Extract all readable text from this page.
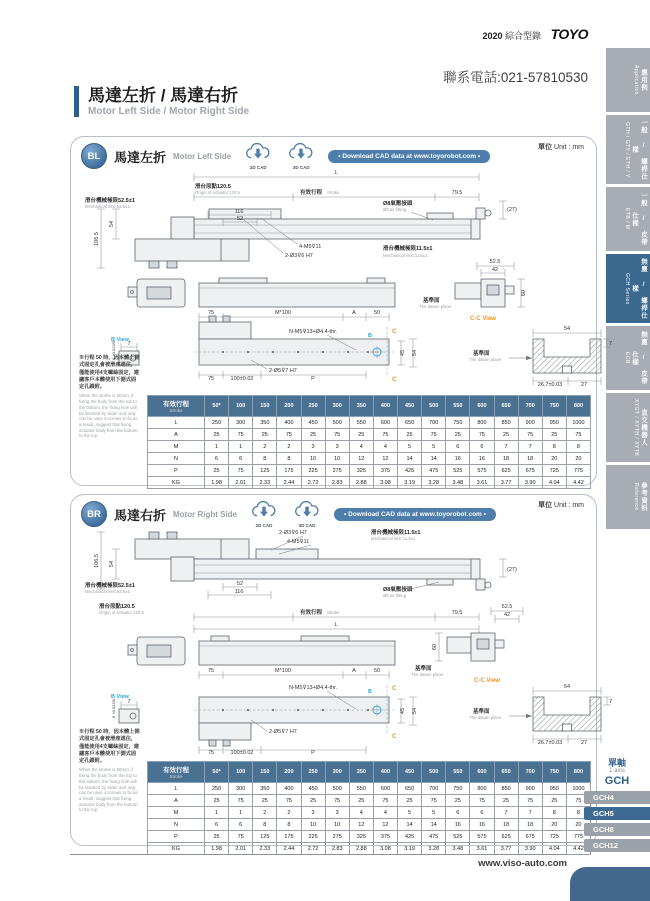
2020 綜合型錄 TOYO
聯系電話:021-57810530
馬達左折 / 馬達右折
Motor Left Side / Motor Right Side
應用例
Application
一般 / 螺桿仕樣
GTH / GTY / ETH / Y
一般 / 皮帶仕樣
ETB / M
無塵 / 螺桿仕樣
GCH Series
無塵 / 皮帶仕樣
ECB
直交機器人
XYGT / XYTH / XYTB
參考資料
Reference
單位 Unit : mm
BL	馬達左折 Motor Left Side
2D CAD	3D CAD
• Download CAD data at www.toyorobot.com •
L
滑台原點120.5
Origin of actuator:120.5	有效行程 Stroke	79.5
滑台機械極限52.5±1
Mechanical limit:52.5±1
116
52
Ø8氣壓接頭
Ø8 air fitting	(27)
4-M5⊽11
2-Ø3⊽6 H7
滑台機械極限11.5±1
Mechanical limit:11.5±1
106.5
54
52.5
42
60
基準面
The datum plane
C-C View
75	M*100	A	50
N-M5⊽13+Ø4.4-thr.
B
C
C
45 54
75	100±0.02	P
2-Ø5⊽7 H7
B View
7
6 +0.012/0
54
7
基準面
The datum plane
26.7±0.03	27
※行程 50 時，因本體上側式固定孔會被滑座遮住，僅能使用4支螺絲固定，建議客戶本體使用下側式固定孔鎖附。
When the stroke is 50mm, if fixing the body from the top to the bottom, the fixing hole will be blocked by slider and only can be uses 4 screws to fix.as a result, suggest that fixing actuator body from the bottom to the top.
有效行程
Stroke	50*	100	150	200	250	300	350	400	450	500	550	600	650	700	750	800
L	250	300	350	400	450	500	550	600	650	700	750	800	850	900	950	1000
A	25	75	25	75	25	75	25	75	25	75	25	75	25	75	25	75
M	1	1	2	2	3	3	4	4	5	5	6	6	7	7	8	8
N	6	6	8	8	10	10	12	12	14	14	16	16	18	18	20	20
P	25	75	125	175	225	275	325	375	425	475	525	575	625	675	725	775
KG	1.98	2.01	2.33	2.44	2.72	2.83	2.88	3.08	3.19	3.28	3.48	3.61	3.77	3.90	4.04	4.42
單位 Unit : mm
BR	馬達右折 Motor Right Side
2D CAD	3D CAD
• Download CAD data at www.toyorobot.com •
2-Ø3⊽6 H7
4-M5⊽11
滑台機械極限11.5±1
Mechanical limit:11.5±1
(27)
106.5 54
52
116
滑台機械極限52.5±1
Mechanical limit:52.5±1	Ø8氣壓接頭
Ø8 air fitting
滑台原點120.5
Origin of actuator:120.5	有效行程 Stroke	79.5
L
52.5
42
60
基準面
The datum plane
C-C View
75	M*100	A	50
N-M5⊽13+Ø4.4-thr.
B	C
C
45 54
2-Ø5⊽7 H7
75	100±0.02	P
B View
7
6 +0.012/0
54
7
基準面
The datum plane
26.7±0.03	27
※行程 50 時，因本體上側式固定孔會被滑座遮住，僅能使用4支螺絲固定，建議客戶本體使用下側式固定孔鎖附。
When the stroke is 50mm, if fixing the body from the top to the bottom, the fixing hole will be blocked by slider and only can be uses 4 screws to fix.as a result, suggest that fixing actuator body from the bottom to the top.
有效行程
Stroke	50*	100	150	200	250	300	350	400	450	500	550	600	650	700	750	800
L	250	300	350	400	450	500	550	600	650	700	750	800	850	900	950	1000
A	25	75	25	75	25	75	25	75	25	75	25	75	25	75	25	75
M	1	1	2	2	3	3	4	4	5	5	6	6	7	7	8	8
N	6	6	8	8	10	10	12	12	14	14	16	16	18	18	20	20
P	25	75	125	175	225	275	325	375	425	475	525	575	625	675	725	775
KG	1.98	2.01	2.33	2.44	2.72	2.83	2.88	3.08	3.19	3.28	3.48	3.61	3.77	3.90	4.04	4.42
www.viso-auto.com
單軸
1 axis
GCH
GCH4
GCH5
GCH8
GCH12
